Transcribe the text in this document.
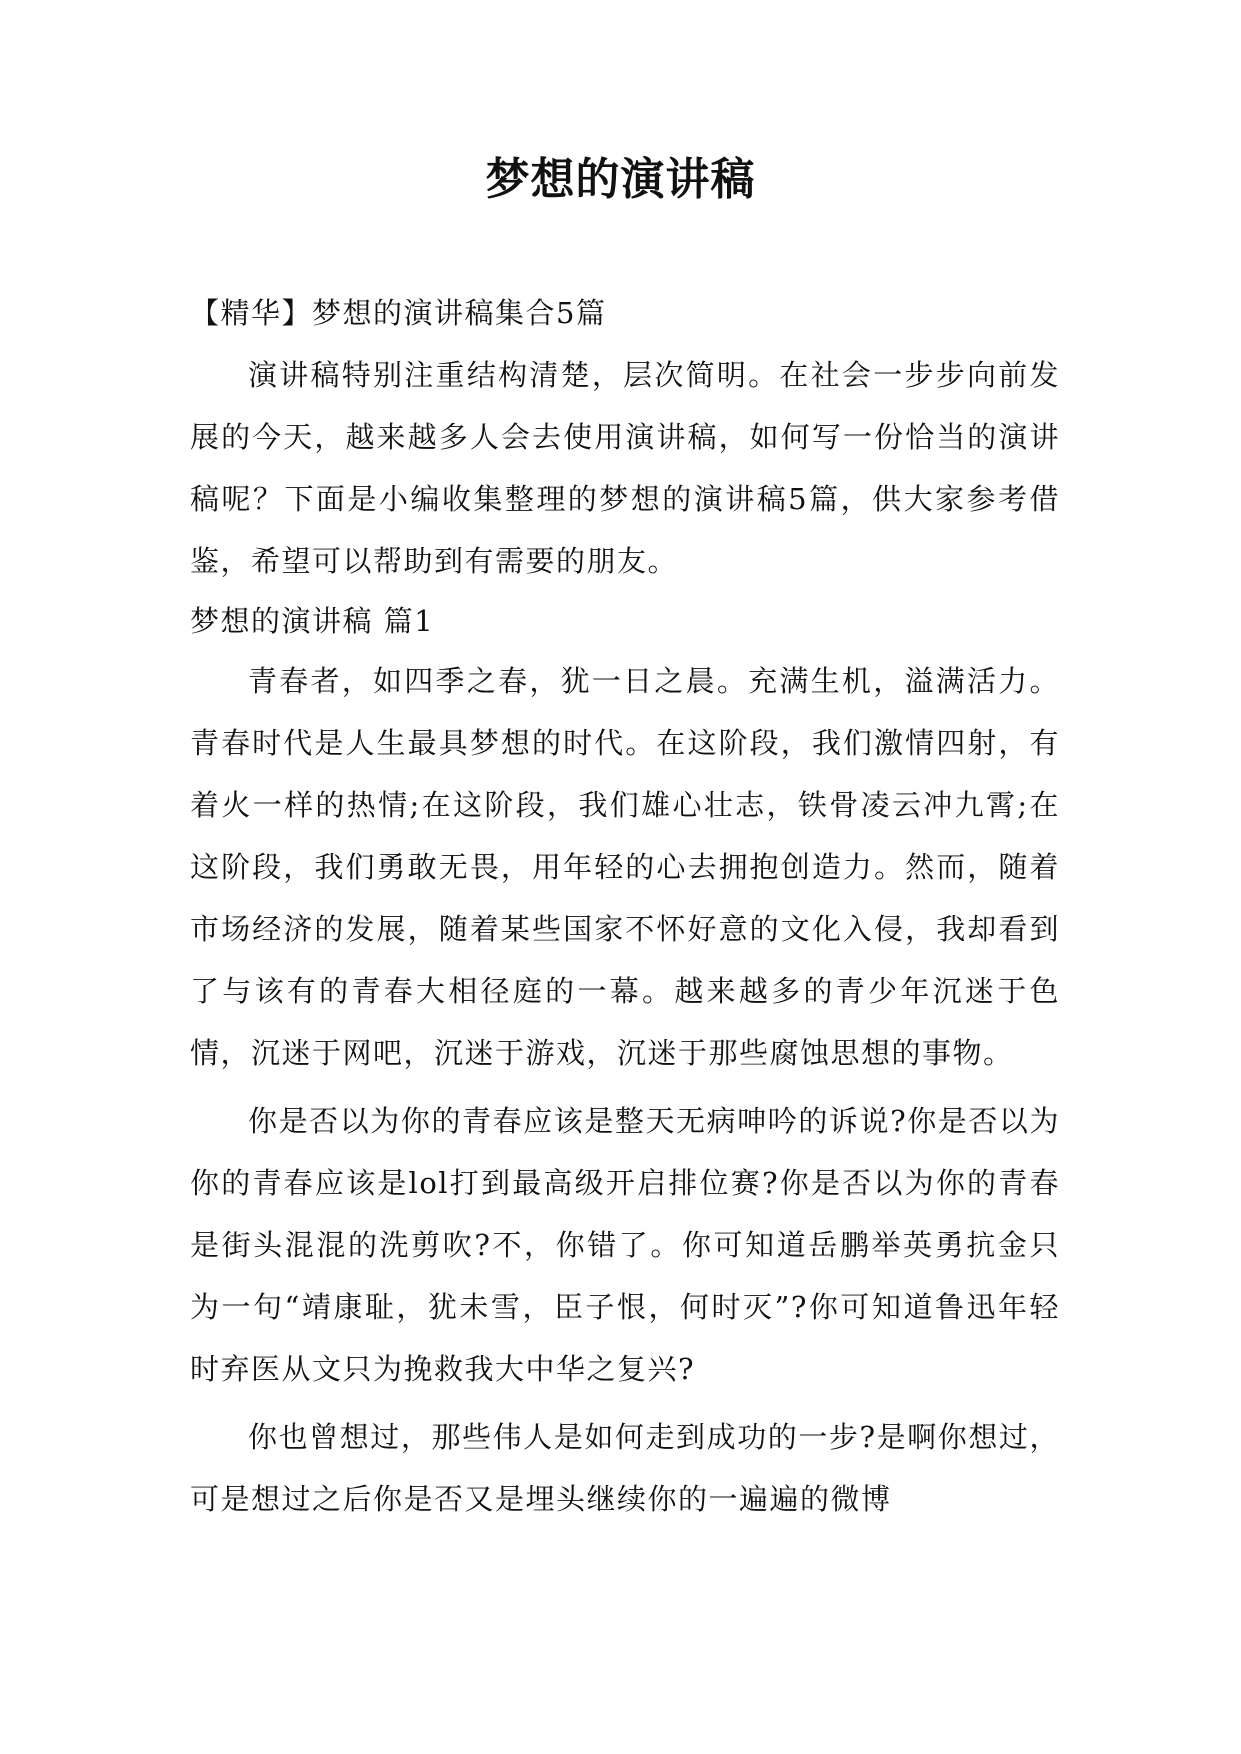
梦想的演讲稿

【精华】梦想的演讲稿集合5篇

演讲稿特别注重结构清楚，层次简明。在社会一步步向前发展的今天，越来越多人会去使用演讲稿，如何写一份恰当的演讲稿呢？下面是小编收集整理的梦想的演讲稿5篇，供大家参考借鉴，希望可以帮助到有需要的朋友。

梦想的演讲稿 篇1

青春者，如四季之春，犹一日之晨。充满生机，溢满活力。青春时代是人生最具梦想的时代。在这阶段，我们激情四射，有着火一样的热情;在这阶段，我们雄心壮志，铁骨凌云冲九霄;在这阶段，我们勇敢无畏，用年轻的心去拥抱创造力。然而，随着市场经济的发展，随着某些国家不怀好意的文化入侵，我却看到了与该有的青春大相径庭的一幕。越来越多的青少年沉迷于色情，沉迷于网吧，沉迷于游戏，沉迷于那些腐蚀思想的事物。

你是否以为你的青春应该是整天无病呻吟的诉说?你是否以为你的青春应该是lol打到最高级开启排位赛?你是否以为你的青春是街头混混的洗剪吹?不，你错了。你可知道岳鹏举英勇抗金只为一句“靖康耻，犹未雪，臣子恨，何时灭”?你可知道鲁迅年轻时弃医从文只为挽救我大中华之复兴?

你也曾想过，那些伟人是如何走到成功的一步?是啊你想过，可是想过之后你是否又是埋头继续你的一遍遍的微博
